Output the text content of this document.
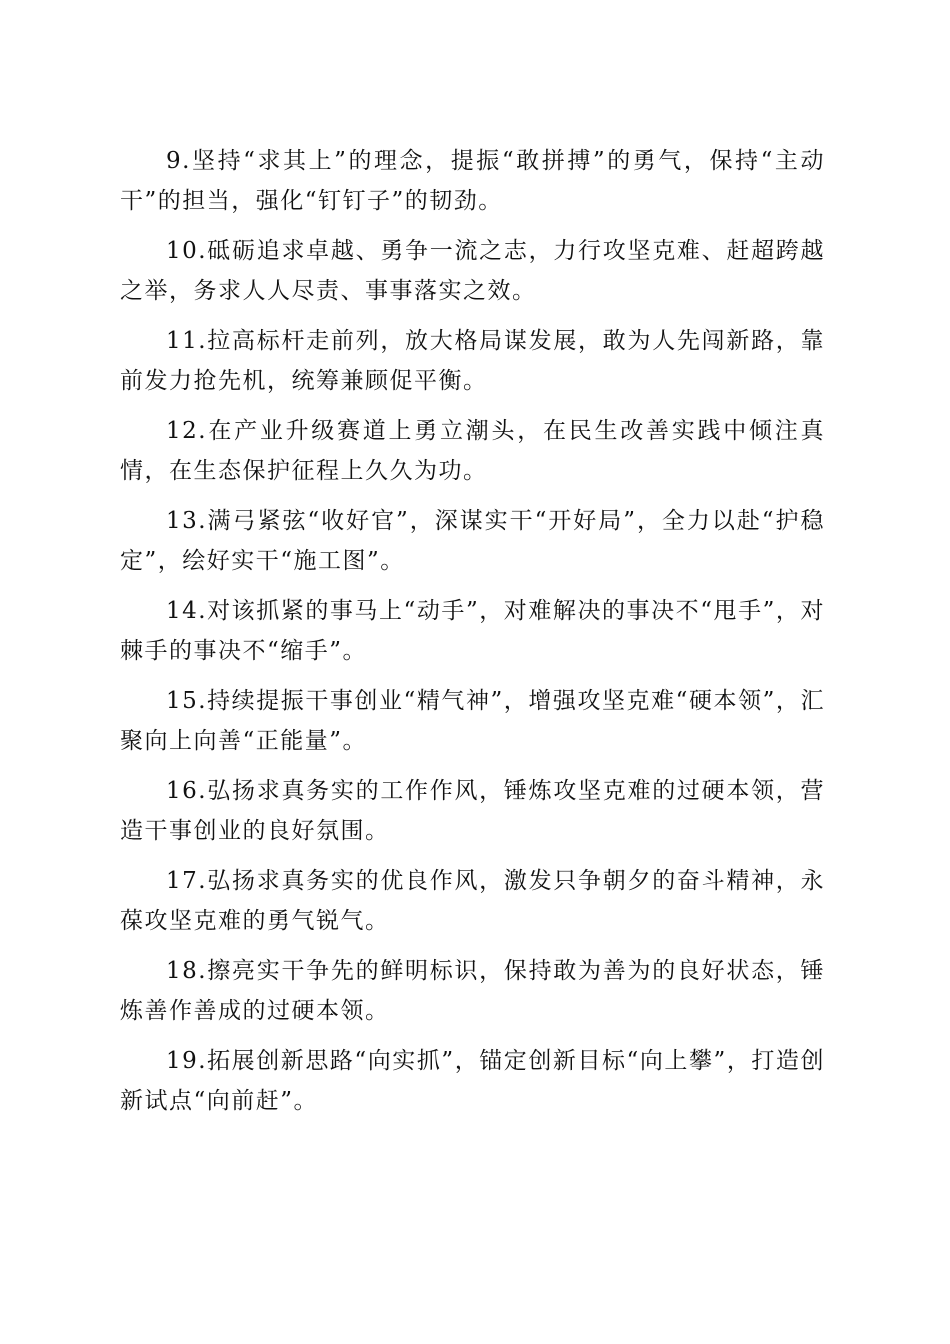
9.坚持“求其上”的理念，提振“敢拼搏”的勇气，保持“主动干”的担当，强化“钉钉子”的韧劲。

10.砥砺追求卓越、勇争一流之志，力行攻坚克难、赶超跨越之举，务求人人尽责、事事落实之效。

11.拉高标杆走前列，放大格局谋发展，敢为人先闯新路，靠前发力抢先机，统筹兼顾促平衡。

12.在产业升级赛道上勇立潮头，在民生改善实践中倾注真情，在生态保护征程上久久为功。

13.满弓紧弦“收好官”，深谋实干“开好局”，全力以赴“护稳定”，绘好实干“施工图”。

14.对该抓紧的事马上“动手”，对难解决的事决不“甩手”，对棘手的事决不“缩手”。

15.持续提振干事创业“精气神”，增强攻坚克难“硬本领”，汇聚向上向善“正能量”。

16.弘扬求真务实的工作作风，锤炼攻坚克难的过硬本领，营造干事创业的良好氛围。

17.弘扬求真务实的优良作风，激发只争朝夕的奋斗精神，永葆攻坚克难的勇气锐气。

18.擦亮实干争先的鲜明标识，保持敢为善为的良好状态，锤炼善作善成的过硬本领。

19.拓展创新思路“向实抓”，锚定创新目标“向上攀”，打造创新试点“向前赶”。
